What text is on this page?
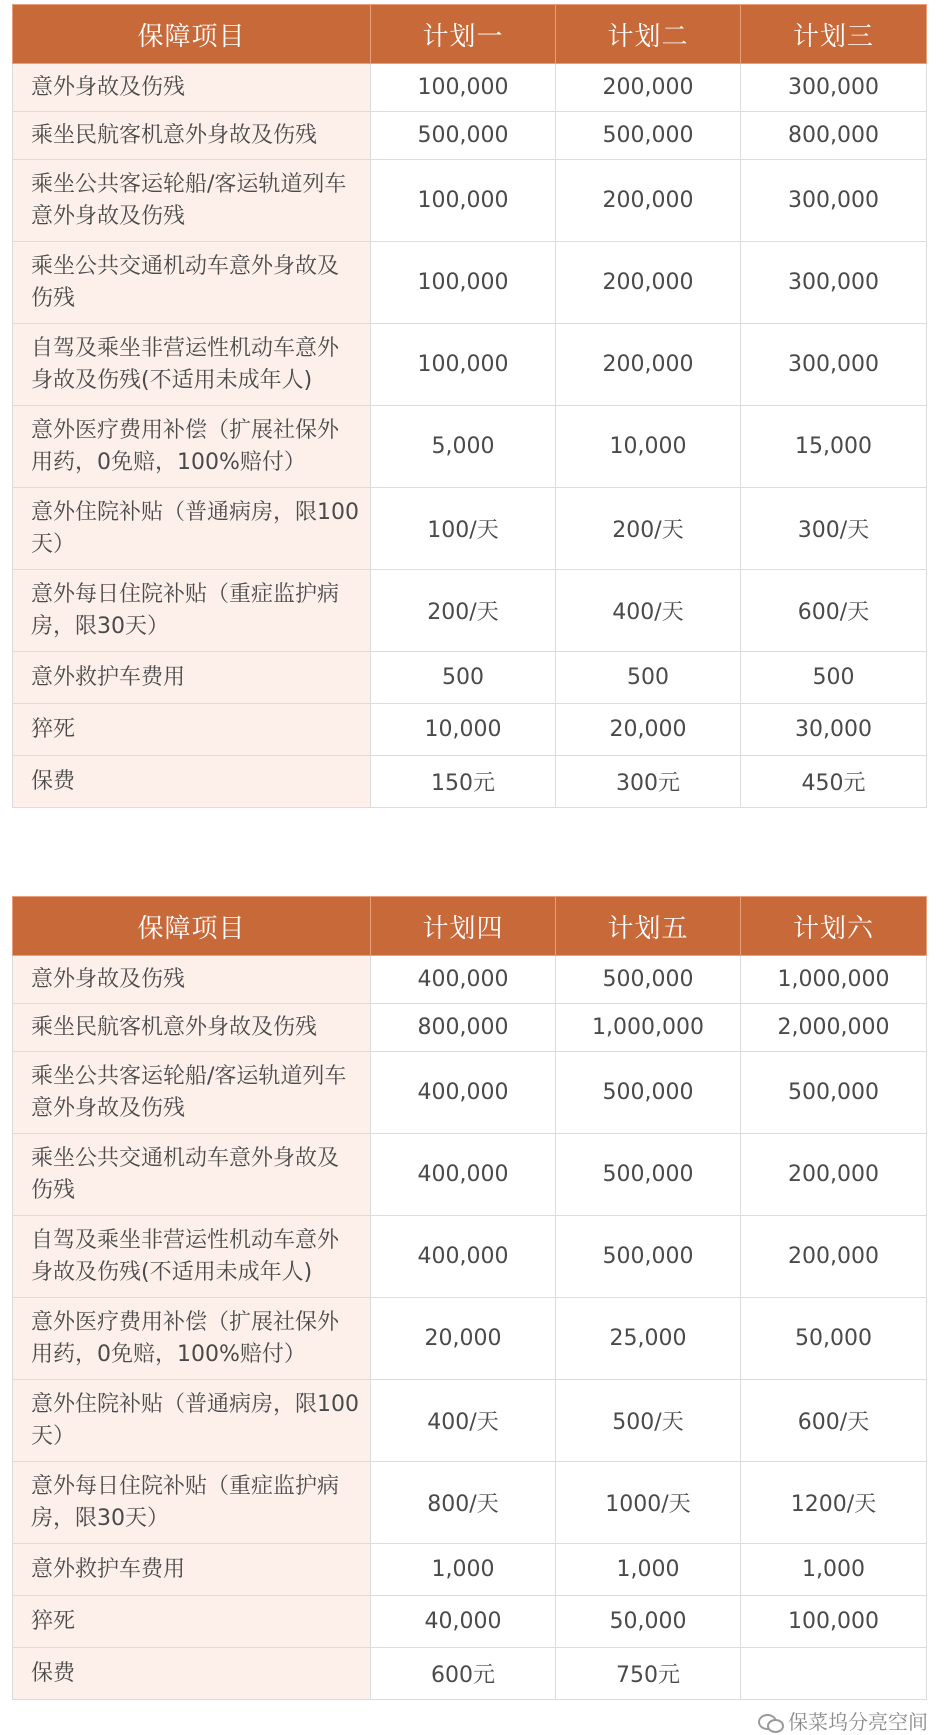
保障项目	计划一	计划二	计划三
意外身故及伤残	100,000	200,000	300,000
乘坐民航客机意外身故及伤残	500,000	500,000	800,000
乘坐公共客运轮船/客运轨道列车意外身故及伤残	100,000	200,000	300,000
乘坐公共交通机动车意外身故及伤残	100,000	200,000	300,000
自驾及乘坐非营运性机动车意外身故及伤残(不适用未成年人)	100,000	200,000	300,000
意外医疗费用补偿（扩展社保外用药，0免赔，100%赔付）	5,000	10,000	15,000
意外住院补贴（普通病房，限100天）	100/天	200/天	300/天
意外每日住院补贴（重症监护病房，限30天）	200/天	400/天	600/天
意外救护车费用	500	500	500
猝死	10,000	20,000	30,000
保费	150元	300元	450元
保障项目	计划四	计划五	计划六
意外身故及伤残	400,000	500,000	1,000,000
乘坐民航客机意外身故及伤残	800,000	1,000,000	2,000,000
乘坐公共客运轮船/客运轨道列车意外身故及伤残	400,000	500,000	500,000
乘坐公共交通机动车意外身故及伤残	400,000	500,000	200,000
自驾及乘坐非营运性机动车意外身故及伤残(不适用未成年人)	400,000	500,000	200,000
意外医疗费用补偿（扩展社保外用药，0免赔，100%赔付）	20,000	25,000	50,000
意外住院补贴（普通病房，限100天）	400/天	500/天	600/天
意外每日住院补贴（重症监护病房，限30天）	800/天	1000/天	1200/天
意外救护车费用	1,000	1,000	1,000
猝死	40,000	50,000	100,000
保费	600元	750元	
保菜坞分亮空间
